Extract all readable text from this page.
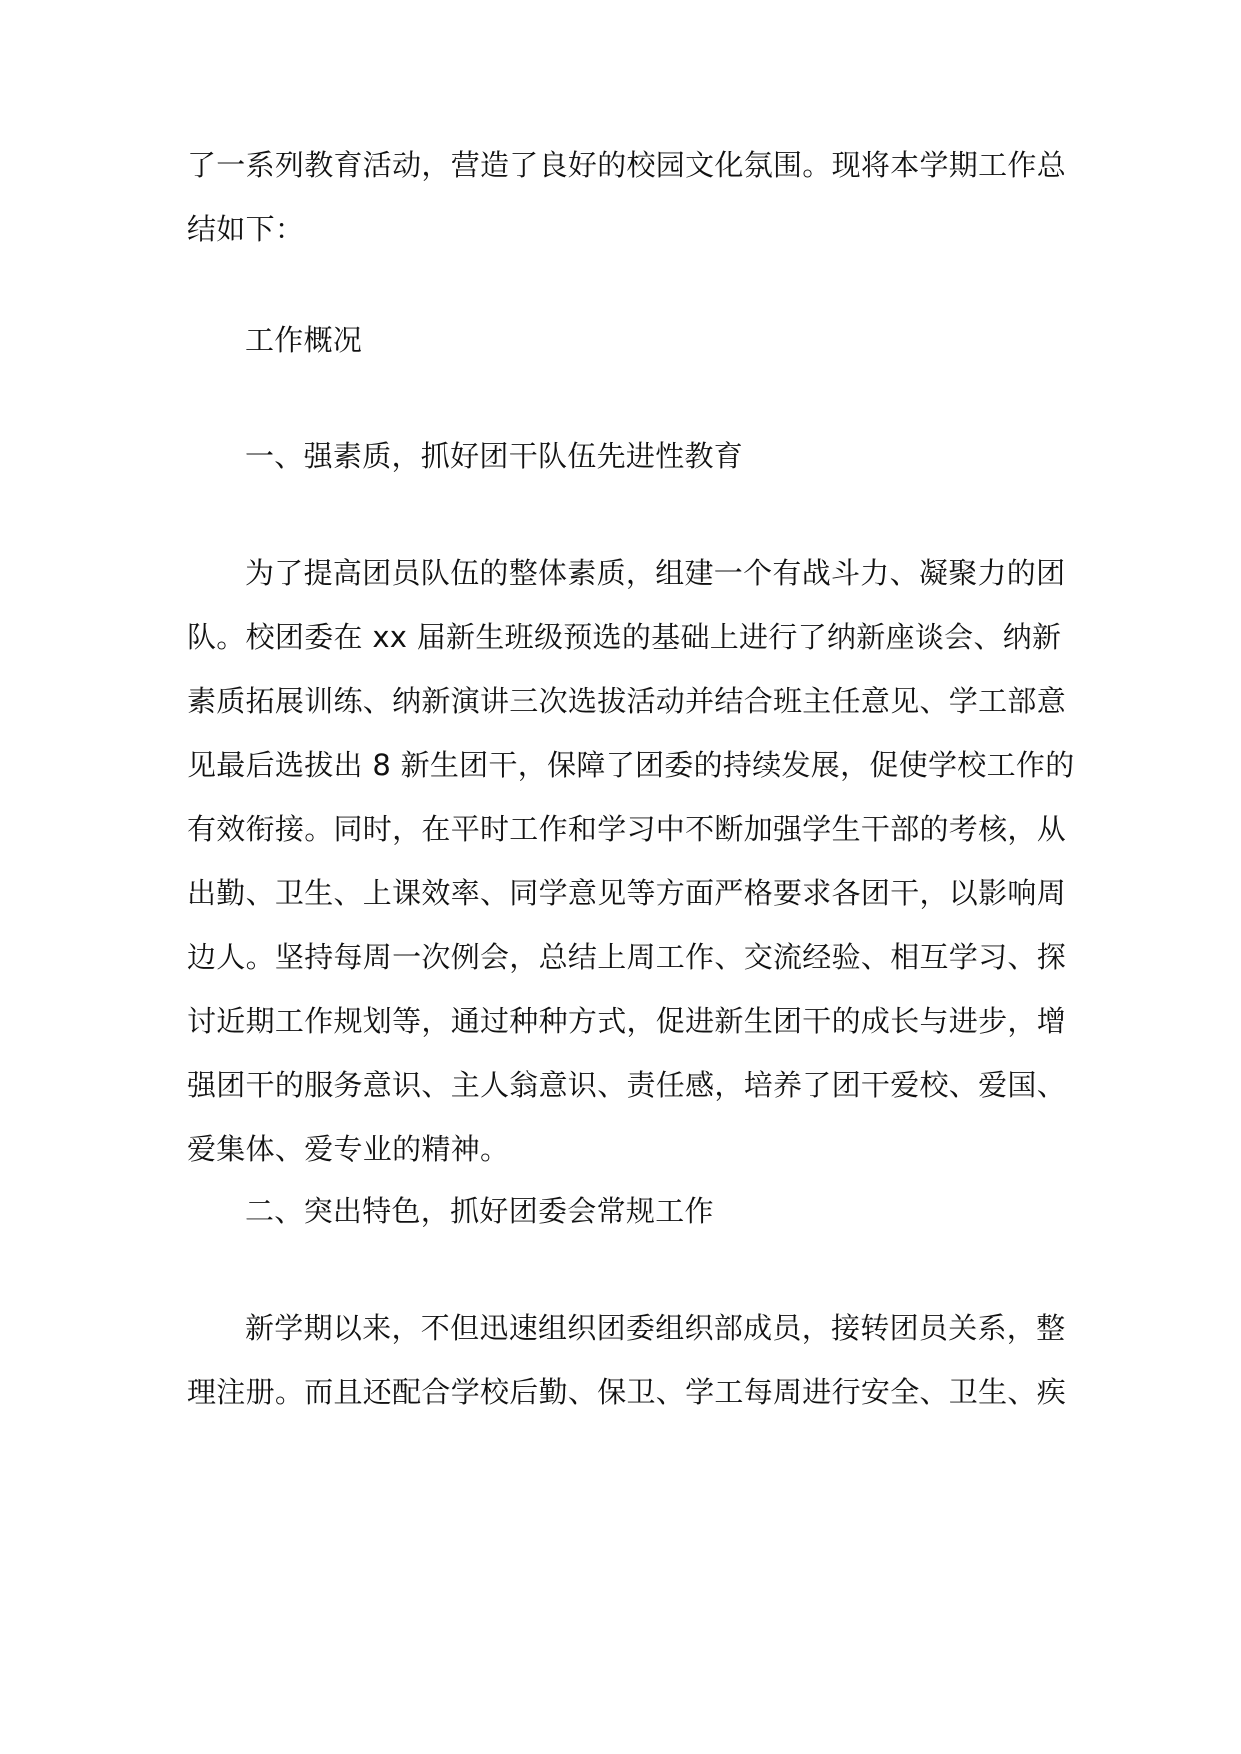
了一系列教育活动，营造了良好的校园文化氛围。现将本学期工作总
结如下：
工作概况
一、强素质，抓好团干队伍先进性教育
为了提高团员队伍的整体素质，组建一个有战斗力、凝聚力的团
队。校团委在 xx 届新生班级预选的基础上进行了纳新座谈会、纳新
素质拓展训练、纳新演讲三次选拔活动并结合班主任意见、学工部意
见最后选拔出 8 新生团干，保障了团委的持续发展，促使学校工作的
有效衔接。同时，在平时工作和学习中不断加强学生干部的考核，从
出勤、卫生、上课效率、同学意见等方面严格要求各团干，以影响周
边人。坚持每周一次例会，总结上周工作、交流经验、相互学习、探
讨近期工作规划等，通过种种方式，促进新生团干的成长与进步，增
强团干的服务意识、主人翁意识、责任感，培养了团干爱校、爱国、
爱集体、爱专业的精神。
二、突出特色，抓好团委会常规工作
新学期以来，不但迅速组织团委组织部成员，接转团员关系，整
理注册。而且还配合学校后勤、保卫、学工每周进行安全、卫生、疾
